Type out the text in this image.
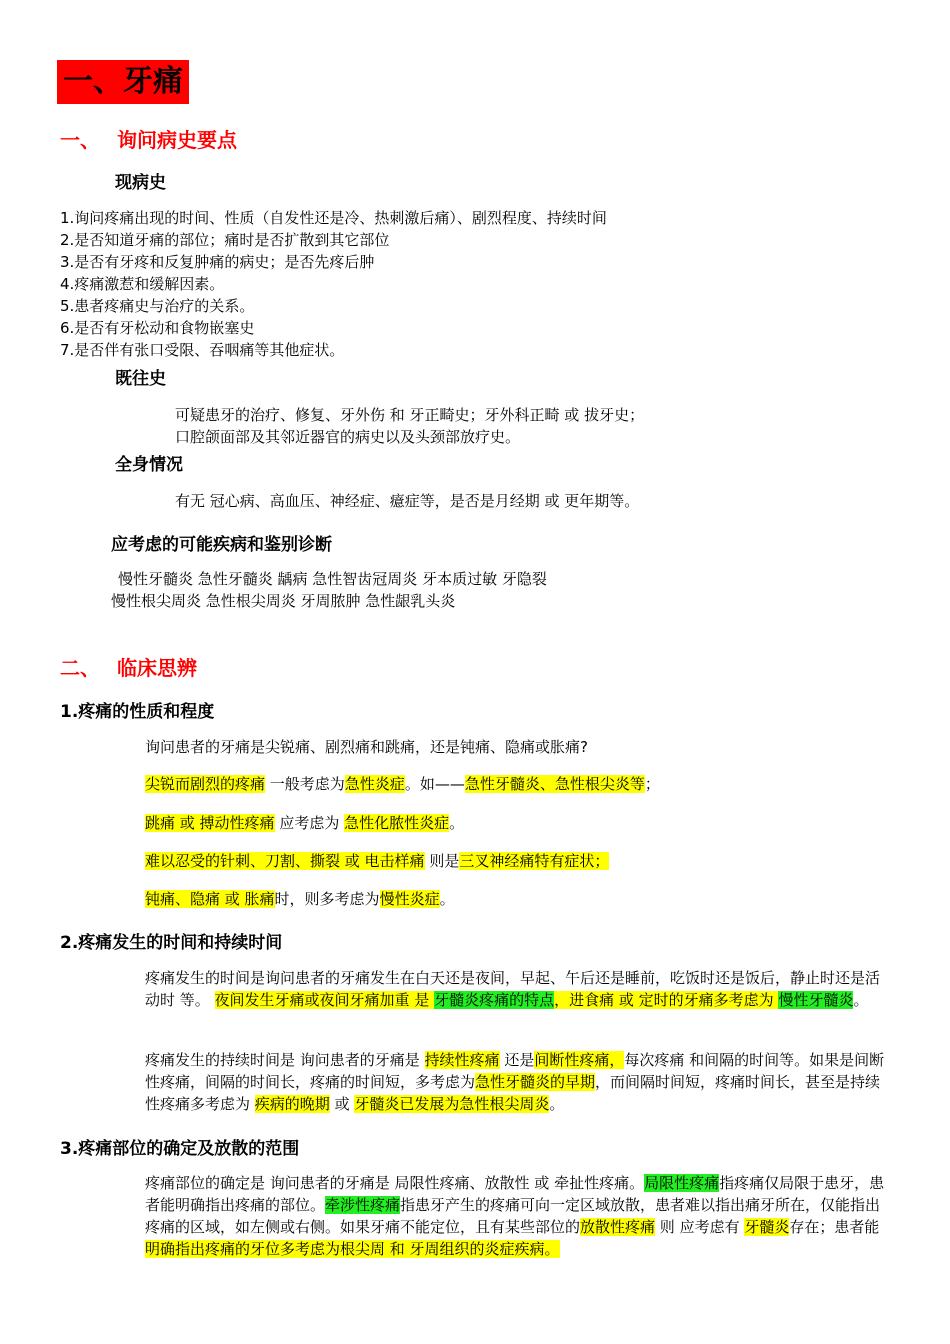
一、牙痛
一、 询问病史要点
现病史
1.询问疼痛出现的时间、性质（自发性还是冷、热刺激后痛）、剧烈程度、持续时间
2.是否知道牙痛的部位；痛时是否扩散到其它部位
3.是否有牙疼和反复肿痛的病史；是否先疼后肿
4.疼痛激惹和缓解因素。
5.患者疼痛史与治疗的关系。
6.是否有牙松动和食物嵌塞史
7.是否伴有张口受限、吞咽痛等其他症状。
既往史
可疑患牙的治疗、修复、牙外伤 和 牙正畸史；牙外科正畸 或 拔牙史；
口腔颌面部及其邻近器官的病史以及头颈部放疗史。
全身情况
有无 冠心病、高血压、神经症、癔症等，是否是月经期 或 更年期等。
应考虑的可能疾病和鉴别诊断
慢性牙髓炎 急性牙髓炎 龋病 急性智齿冠周炎 牙本质过敏 牙隐裂
慢性根尖周炎 急性根尖周炎 牙周脓肿 急性龈乳头炎
二、 临床思辨
1.疼痛的性质和程度
询问患者的牙痛是尖锐痛、剧烈痛和跳痛，还是钝痛、隐痛或胀痛?
尖锐而剧烈的疼痛 一般考虑为急性炎症。如——急性牙髓炎、急性根尖炎等；
跳痛 或 搏动性疼痛 应考虑为 急性化脓性炎症。
难以忍受的针刺、刀割、撕裂 或 电击样痛 则是三叉神经痛特有症状；
钝痛、隐痛 或 胀痛时，则多考虑为慢性炎症。
2.疼痛发生的时间和持续时间
疼痛发生的时间是询问患者的牙痛发生在白天还是夜间，早起、午后还是睡前，吃饭时还是饭后，静止时还是活动时 等。 夜间发生牙痛或夜间牙痛加重 是 牙髓炎疼痛的特点，进食痛 或 定时的牙痛多考虑为 慢性牙髓炎。
疼痛发生的持续时间是 询问患者的牙痛是 持续性疼痛 还是间断性疼痛，每次疼痛 和间隔的时间等。如果是间断性疼痛，间隔的时间长，疼痛的时间短，多考虑为急性牙髓炎的早期，而间隔时间短，疼痛时间长，甚至是持续性疼痛多考虑为 疾病的晚期 或 牙髓炎已发展为急性根尖周炎。
3.疼痛部位的确定及放散的范围
疼痛部位的确定是 询问患者的牙痛是 局限性疼痛、放散性 或 牵扯性疼痛。局限性疼痛指疼痛仅局限于患牙，患者能明确指出疼痛的部位。牵涉性疼痛指患牙产生的疼痛可向一定区域放散，患者难以指出痛牙所在，仅能指出疼痛的区域，如左侧或右侧。如果牙痛不能定位，且有某些部位的放散性疼痛 则 应考虑有 牙髓炎存在；患者能明确指出疼痛的牙位多考虑为根尖周 和 牙周组织的炎症疾病。
